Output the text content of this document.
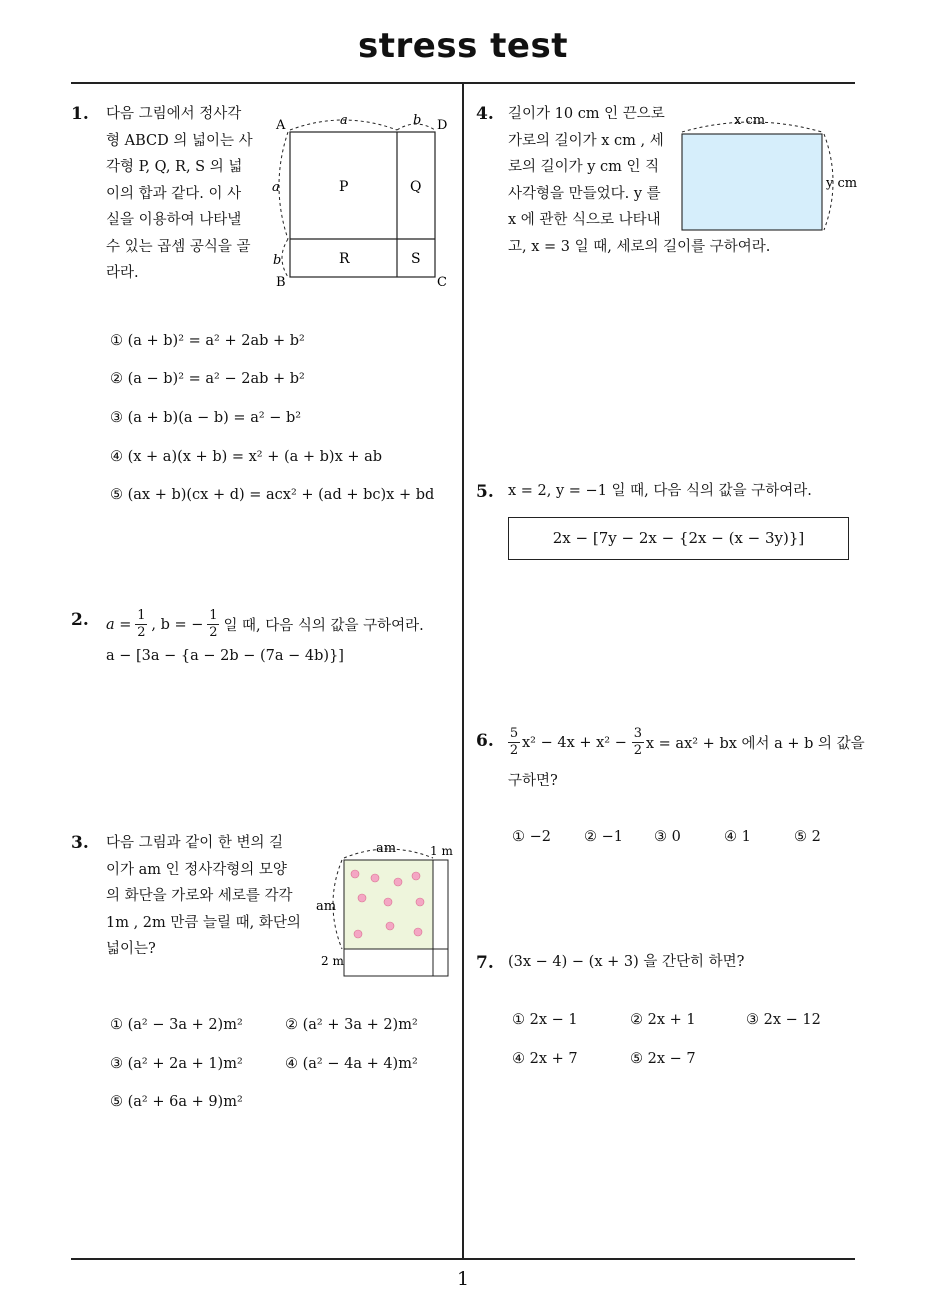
stress test
1
1. 다음 그림에서 정사각
형 ABCD 의 넓이는 사
각형 P, Q, R, S 의 넓
이의 합과 같다. 이 사
실을 이용하여 나타낼
수 있는 곱셈 공식을 골
라라.
A	D
B	C
a	b
a
b
P	Q
R	S
① (a + b)² = a² + 2ab + b²
② (a − b)² = a² − 2ab + b²
③ (a + b)(a − b) = a² − b²
④ (x + a)(x + b) = x² + (a + b)x + ab
⑤ (ax + b)(cx + d) = acx² + (ad + bc)x + bd
2. a =
1
2 , b = −
1
2 일 때, 다음 식의 값을 구하여라.
a − [3a − {a − 2b − (7a − 4b)}]
3. 다음 그림과 같이 한 변의 길
이가 am 인 정사각형의 모양
의 화단을 가로와 세로를 각각
1m , 2m 만큼 늘릴 때, 화단의
넓이는?
am	1 m
am
2 m
① (a² − 3a + 2)m²	② (a² + 3a + 2)m²
③ (a² + 2a + 1)m²	④ (a² − 4a + 4)m²
⑤ (a² + 6a + 9)m²
4. 길이가 10 cm 인 끈으로
가로의 길이가 x cm , 세
로의 길이가 y cm 인 직
사각형을 만들었다. y 를
x 에 관한 식으로 나타내
고, x = 3 일 때, 세로의 길이를 구하여라.
x cm
y cm
5. x = 2, y = −1 일 때, 다음 식의 값을 구하여라.
2x − [7y − 2x − {2x − (x − 3y)}]
6. 5
2 x² − 4x + x² −
3
2 x = ax² + bx 에서 a + b 의 값을
구하면?
① −2 ② −1 ③ 0	④ 1	⑤ 2
7. (3x − 4) − (x + 3) 을 간단히 하면?
① 2x − 1	② 2x + 1	③ 2x − 12
④ 2x + 7	⑤ 2x − 7
